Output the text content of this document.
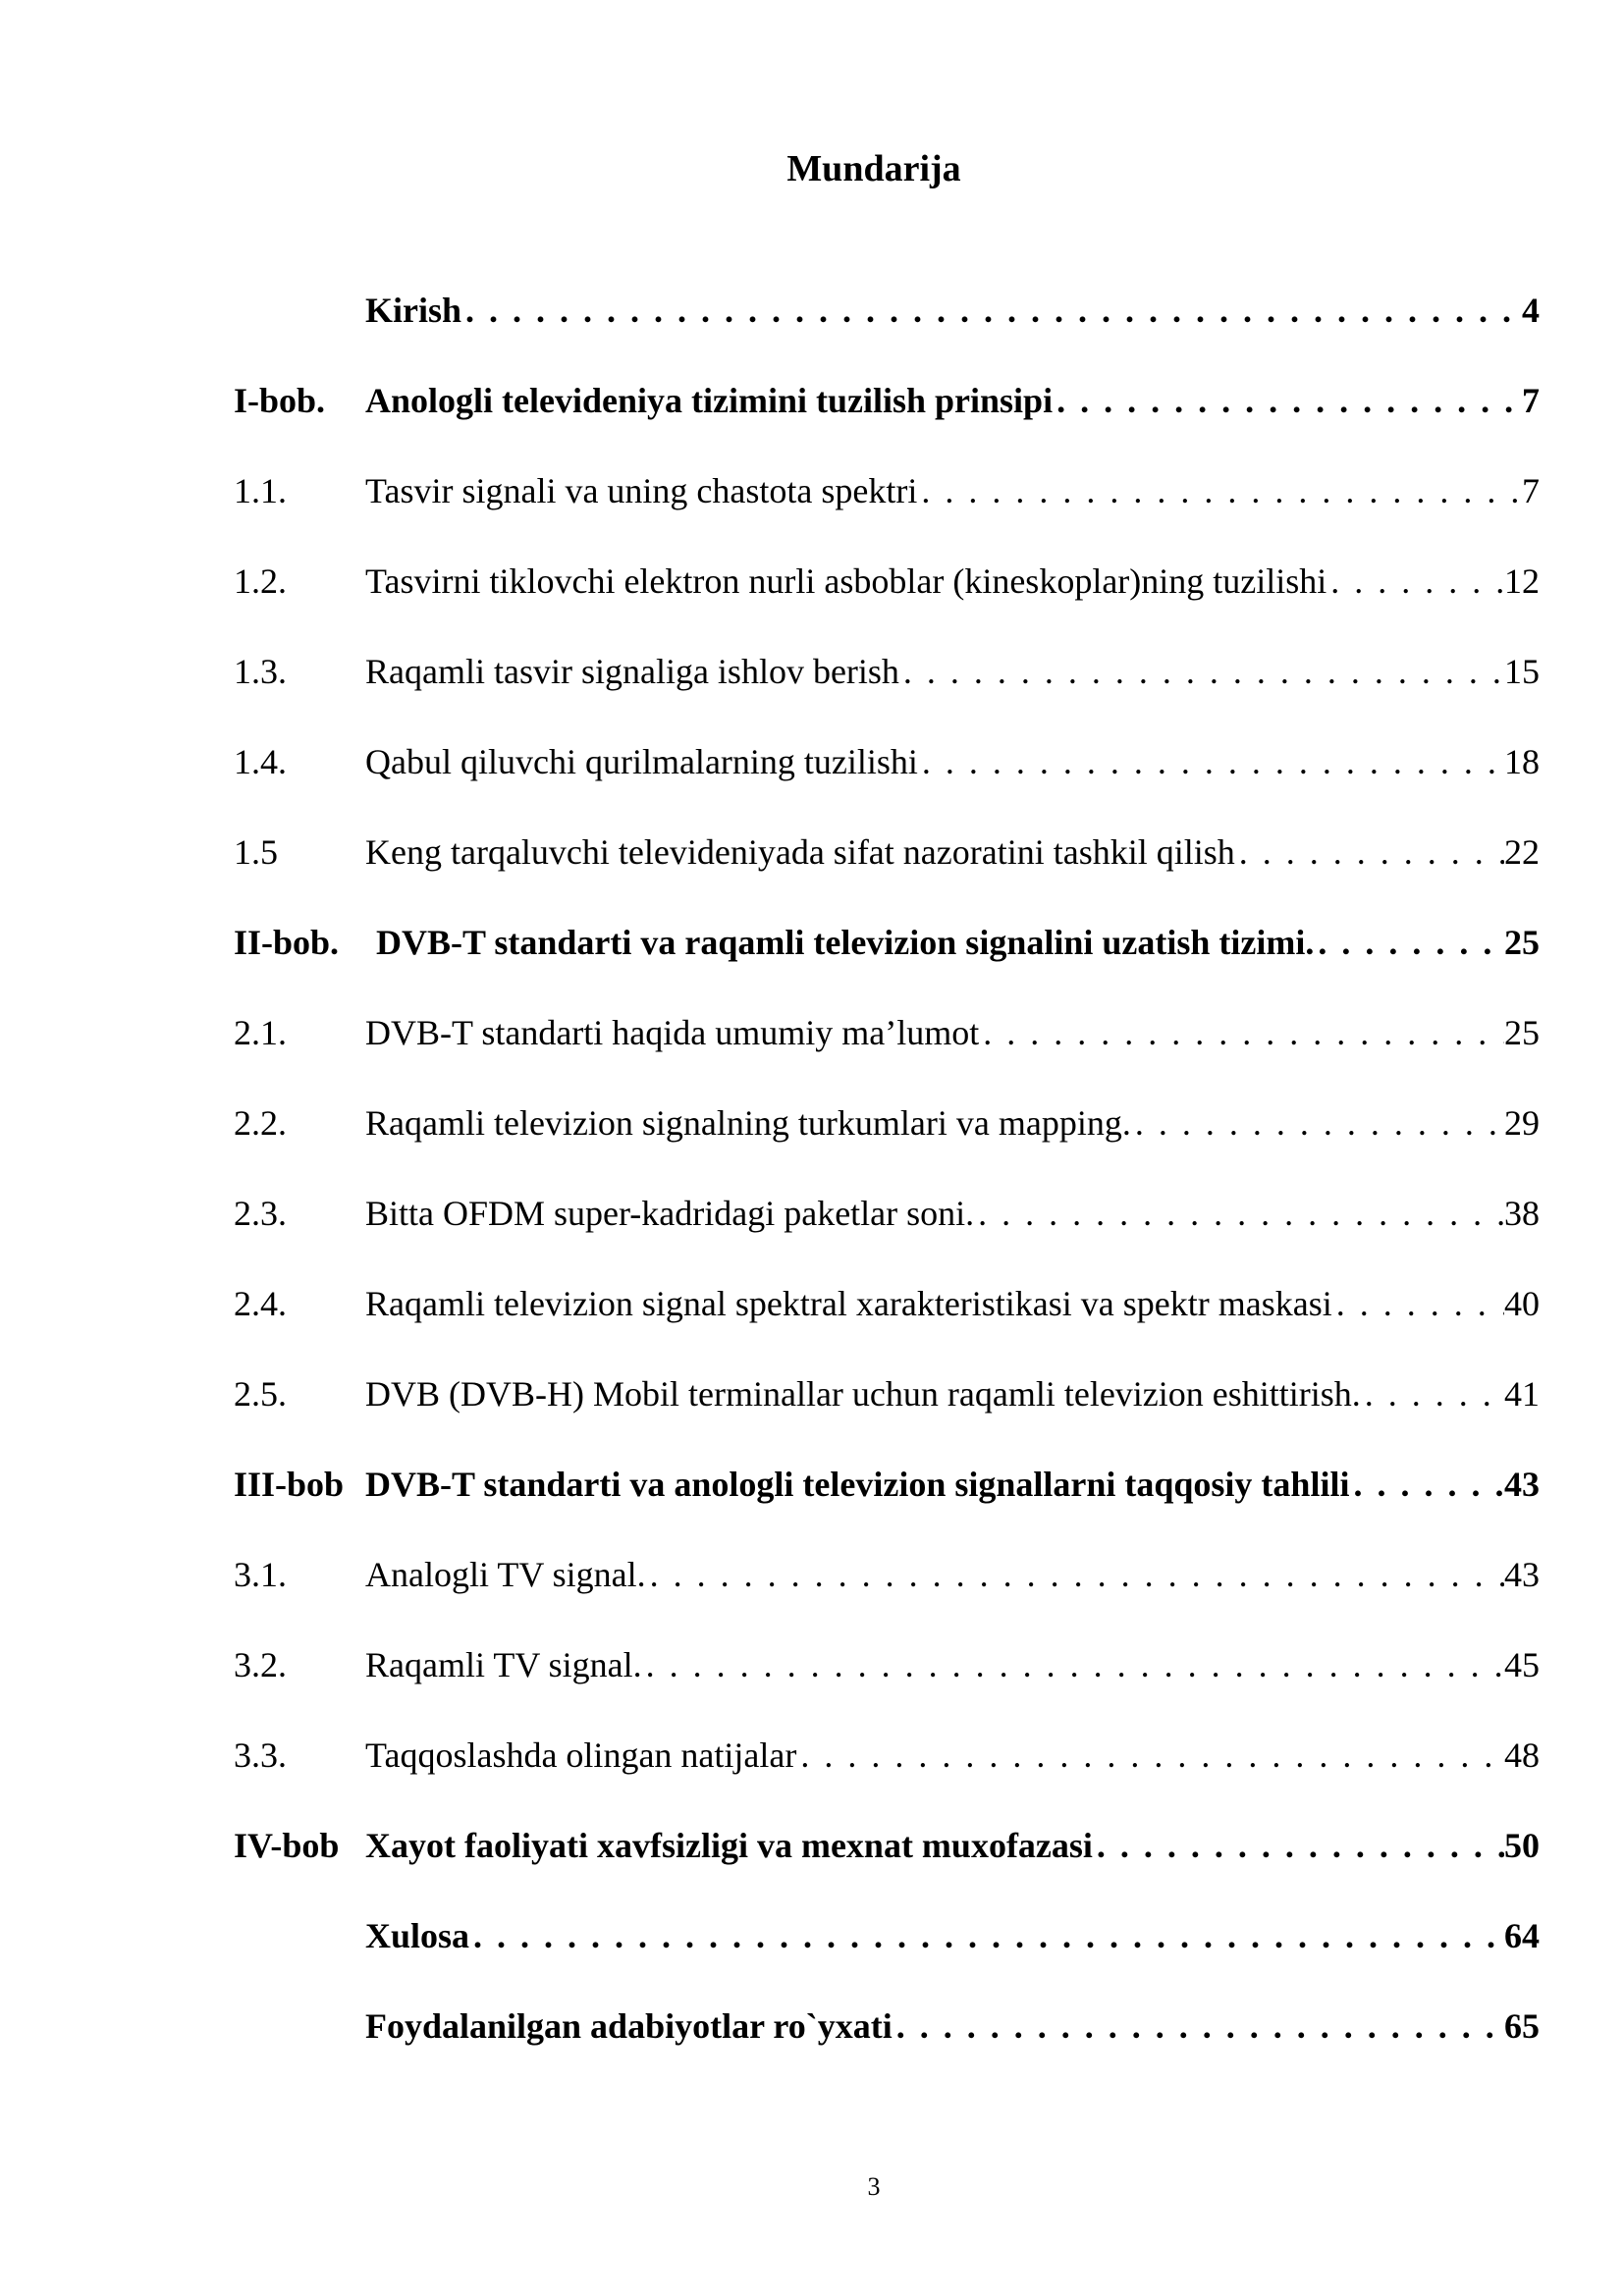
Mundarija
Kirish . . .	4
I-bob. Anologli televideniya tizimini tuzilish prinsipi . . .	7
1.1. Tasvir signali va uning chastota spektri . . .	7
1.2. Tasvirni tiklovchi elektron nurli asboblar (kineskoplar)ning tuzilishi . . .	12
1.3. Raqamli tasvir signaliga ishlov berish . . .	15
1.4. Qabul qiluvchi qurilmalarning tuzilishi . . .	18
1.5 Keng tarqaluvchi televideniyada sifat nazoratini tashkil qilish . . .	22
II-bob. DVB-T standarti va raqamli televizion signalini uzatish tizimi. . . .	25
2.1. DVB-T standarti haqida umumiy ma’lumot . . .	25
2.2. Raqamli televizion signalning turkumlari va mapping. . . .	29
2.3. Bitta OFDM super-kadridagi paketlar soni. . . .	38
2.4. Raqamli televizion signal spektral xarakteristikasi va spektr maskasi . . .	40
2.5. DVB (DVB-H) Mobil terminallar uchun raqamli televizion eshittirish. . . .	41
III-bob DVB-T standarti va anologli televizion signallarni taqqosiy tahlili . . .	43
3.1. Analogli TV signal. . . .	43
3.2. Raqamli TV signal. . . .	45
3.3. Taqqoslashda olingan natijalar . . .	48
IV-bob Xayot faoliyati xavfsizligi va mexnat muxofazasi . . .	50
Xulosa . . .	64
Foydalanilgan adabiyotlar ro`yxati . . .	65
3
